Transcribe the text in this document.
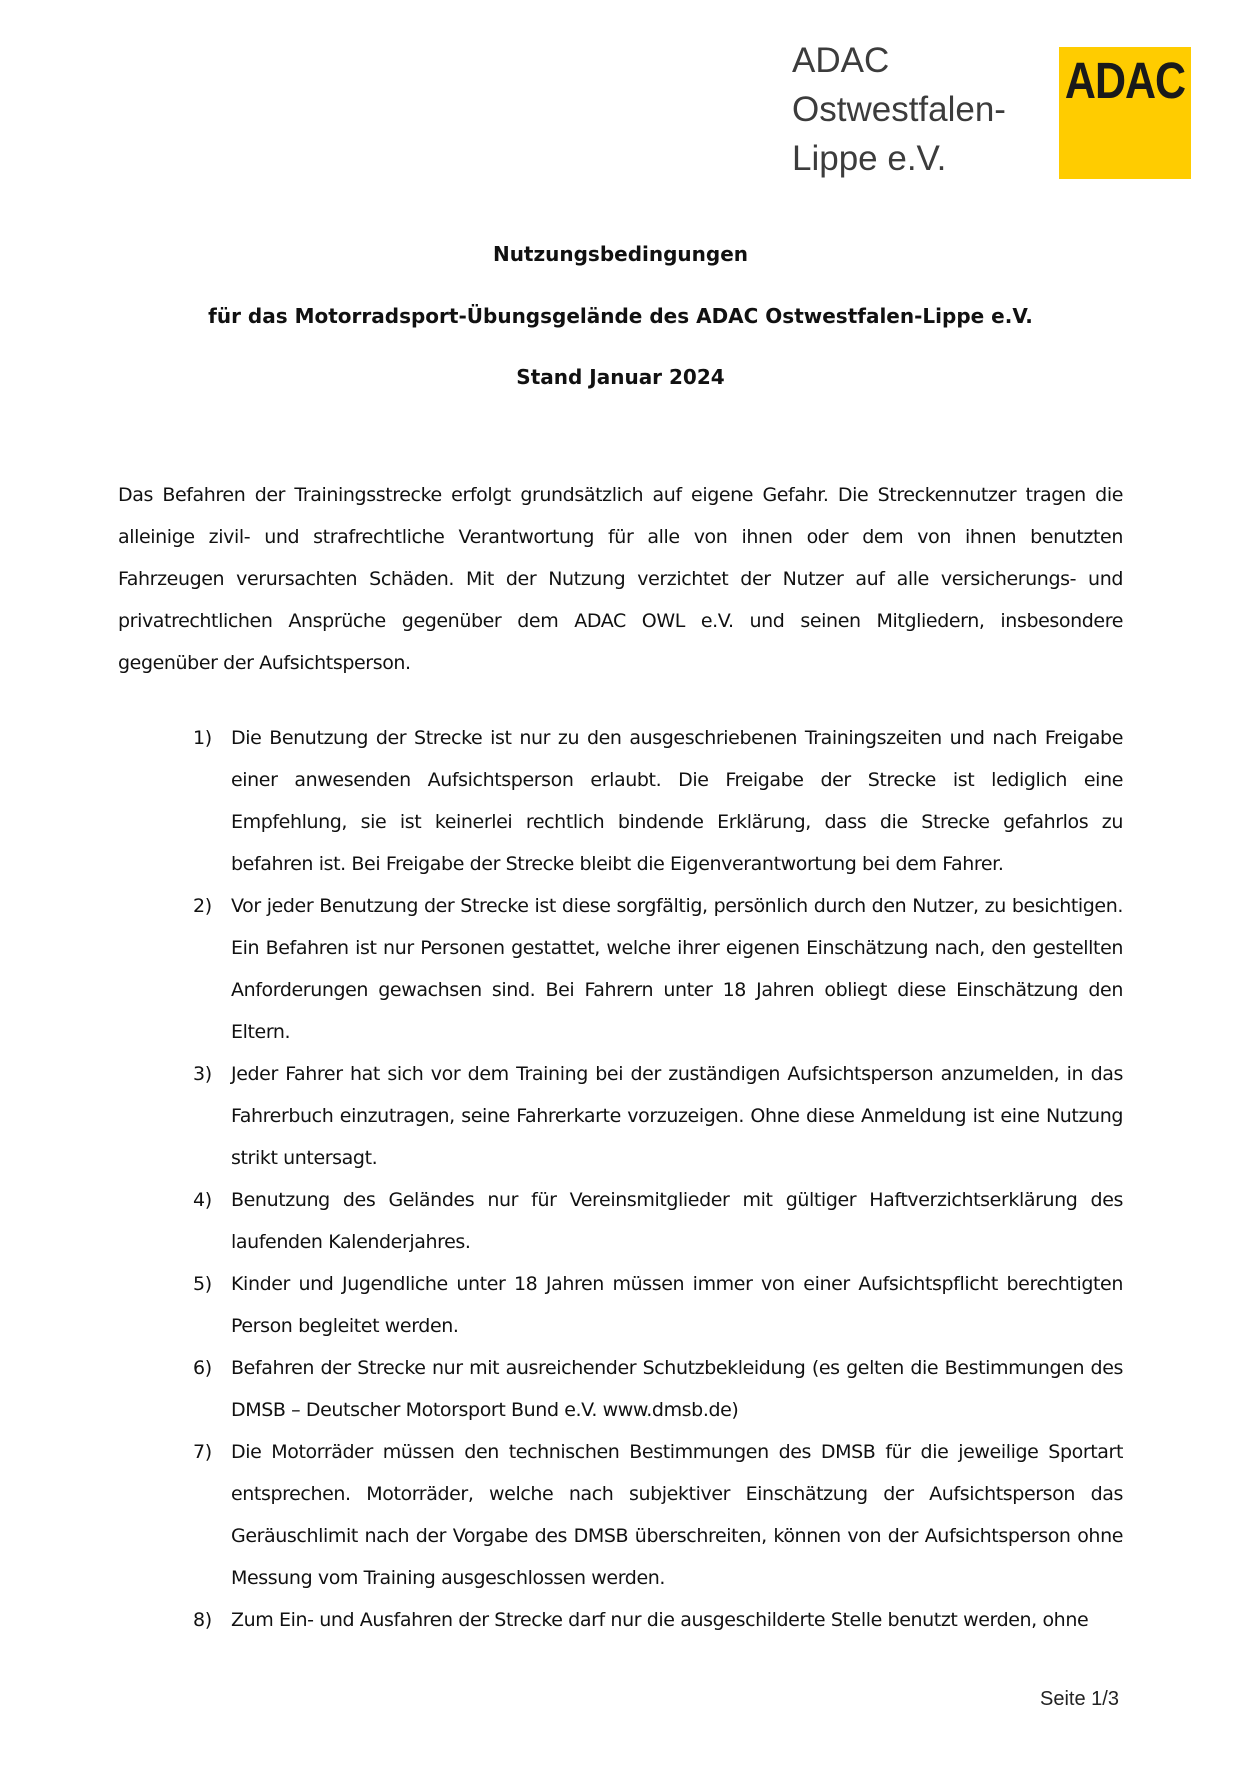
ADAC
Ostwestfalen-
Lippe e.V.
ADAC
Nutzungsbedingungen
für das Motorradsport-Übungsgelände des ADAC Ostwestfalen-Lippe e.V.
Stand Januar 2024
Das Befahren der Trainingsstrecke erfolgt grundsätzlich auf eigene Gefahr. Die Streckennutzer tragen die alleinige zivil- und strafrechtliche Verantwortung für alle von ihnen oder dem von ihnen benutzten Fahrzeugen verursachten Schäden. Mit der Nutzung verzichtet der Nutzer auf alle versicherungs- und privatrechtlichen Ansprüche gegenüber dem ADAC OWL e.V. und seinen Mitgliedern, insbesondere gegenüber der Aufsichtsperson.
1)	Die Benutzung der Strecke ist nur zu den ausgeschriebenen Trainingszeiten und nach Freigabe einer anwesenden Aufsichtsperson erlaubt. Die Freigabe der Strecke ist lediglich eine Empfehlung, sie ist keinerlei rechtlich bindende Erklärung, dass die Strecke gefahrlos zu befahren ist. Bei Freigabe der Strecke bleibt die Eigenverantwortung bei dem Fahrer.
2)	Vor jeder Benutzung der Strecke ist diese sorgfältig, persönlich durch den Nutzer, zu besichtigen. Ein Befahren ist nur Personen gestattet, welche ihrer eigenen Einschätzung nach, den gestellten Anforderungen gewachsen sind. Bei Fahrern unter 18 Jahren obliegt diese Einschätzung den Eltern.
3)	Jeder Fahrer hat sich vor dem Training bei der zuständigen Aufsichtsperson anzumelden, in das Fahrerbuch einzutragen, seine Fahrerkarte vorzuzeigen. Ohne diese Anmeldung ist eine Nutzung strikt untersagt.
4)	Benutzung des Geländes nur für Vereinsmitglieder mit gültiger Haftverzichtserklärung des laufenden Kalenderjahres.
5)	Kinder und Jugendliche unter 18 Jahren müssen immer von einer Aufsichtspflicht berechtigten Person begleitet werden.
6)	Befahren der Strecke nur mit ausreichender Schutzbekleidung (es gelten die Bestimmungen des DMSB – Deutscher Motorsport Bund e.V. www.dmsb.de)
7)	Die Motorräder müssen den technischen Bestimmungen des DMSB für die jeweilige Sportart entsprechen. Motorräder, welche nach subjektiver Einschätzung der Aufsichtsperson das Geräuschlimit nach der Vorgabe des DMSB überschreiten, können von der Aufsichtsperson ohne Messung vom Training ausgeschlossen werden.
8)	Zum Ein- und Ausfahren der Strecke darf nur die ausgeschilderte Stelle benutzt werden, ohne
Seite 1/3
